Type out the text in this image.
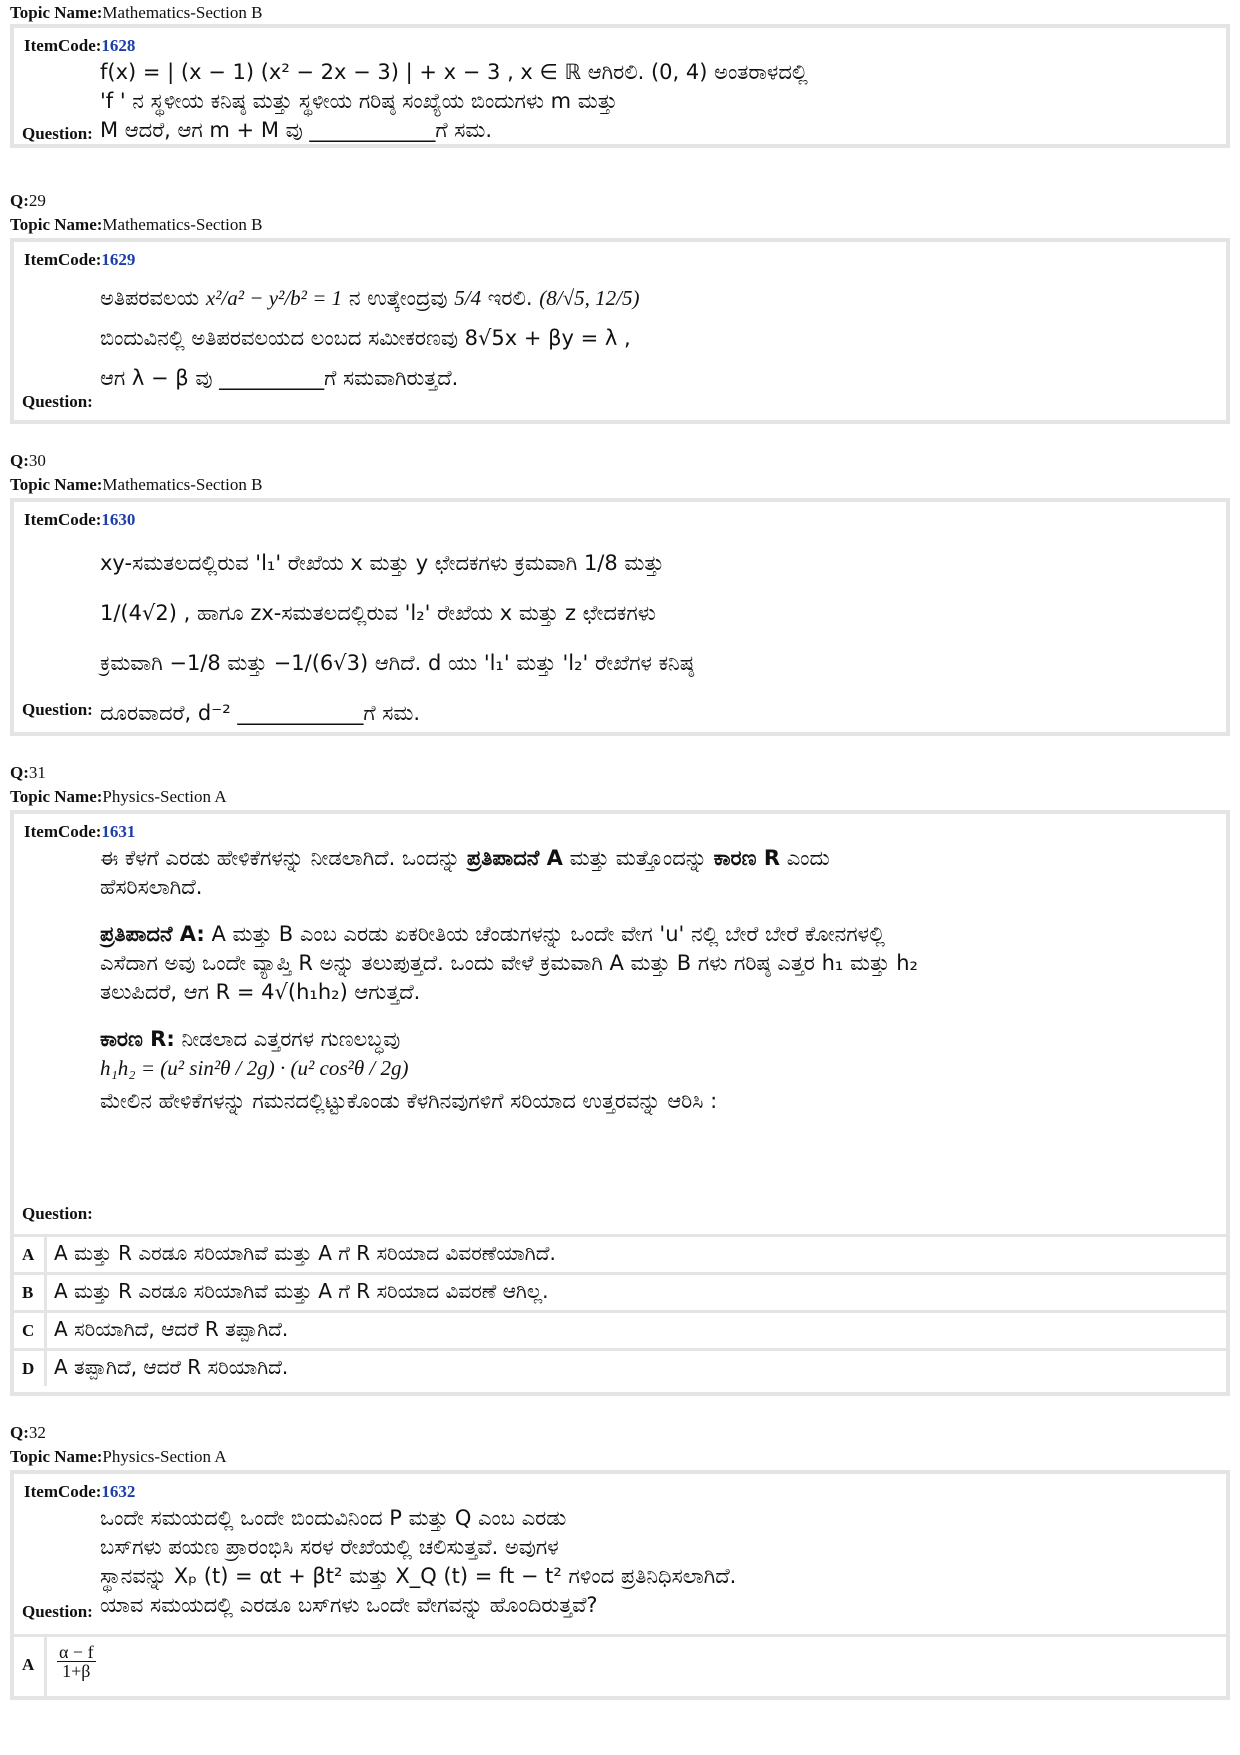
Topic Name:Mathematics-Section B
ItemCode:1628
f(x) = | (x − 1) (x² − 2x − 3) | + x − 3 , x ∈ ℝ ಆಗಿರಲಿ. (0, 4) ಅಂತರಾಳದಲ್ಲಿ
'f ' ನ ಸ್ಥಳೀಯ ಕನಿಷ್ಠ ಮತ್ತು ಸ್ಥಳೀಯ ಗರಿಷ್ಠ ಸಂಖ್ಯೆಯ ಬಿಂದುಗಳು m ಮತ್ತು
M ಆದರೆ, ಆಗ m + M ವು ____________ಗೆ ಸಮ.
Question:
Q:29
Topic Name:Mathematics-Section B
ItemCode:1629
ಅತಿಪರವಲಯ x²/a² − y²/b² = 1 ನ ಉತ್ಕೇಂದ್ರವು 5/4 ಇರಲಿ. (8/√5, 12/5)
ಬಿಂದುವಿನಲ್ಲಿ ಅತಿಪರವಲಯದ ಲಂಬದ ಸಮೀಕರಣವು 8√5x + βy = λ ,
ಆಗ λ − β ವು __________ಗೆ ಸಮವಾಗಿರುತ್ತದೆ.
Question:
Q:30
Topic Name:Mathematics-Section B
ItemCode:1630
xy-ಸಮತಲದಲ್ಲಿರುವ 'l₁' ರೇಖೆಯ x ಮತ್ತು y ಛೇದಕಗಳು ಕ್ರಮವಾಗಿ 1/8 ಮತ್ತು
1/(4√2) , ಹಾಗೂ zx-ಸಮತಲದಲ್ಲಿರುವ 'l₂' ರೇಖೆಯ x ಮತ್ತು z ಛೇದಕಗಳು
ಕ್ರಮವಾಗಿ −1/8 ಮತ್ತು −1/(6√3) ಆಗಿದೆ. d ಯು 'l₁' ಮತ್ತು 'l₂' ರೇಖೆಗಳ ಕನಿಷ್ಠ
ದೂರವಾದರೆ, d⁻² ____________ಗೆ ಸಮ.
Question:
Q:31
Topic Name:Physics-Section A
ItemCode:1631

ಈ ಕೆಳಗೆ ಎರಡು ಹೇಳಿಕೆಗಳನ್ನು ನೀಡಲಾಗಿದೆ. ಒಂದನ್ನು ಪ್ರತಿಪಾದನೆ A ಮತ್ತು ಮತ್ತೊಂದನ್ನು ಕಾರಣ R ಎಂದು ಹೆಸರಿಸಲಾಗಿದೆ.

ಪ್ರತಿಪಾದನೆ A: A ಮತ್ತು B ಎಂಬ ಎರಡು ಏಕರೀತಿಯ ಚೆಂಡುಗಳನ್ನು ಒಂದೇ ವೇಗ 'u' ನಲ್ಲಿ ಬೇರೆ ಬೇರೆ ಕೋನಗಳಲ್ಲಿ ಎಸೆದಾಗ ಅವು ಒಂದೇ ವ್ಯಾಪ್ತಿ R ಅನ್ನು ತಲುಪುತ್ತದೆ. ಒಂದು ವೇಳೆ ಕ್ರಮವಾಗಿ A ಮತ್ತು B ಗಳು ಗರಿಷ್ಠ ಎತ್ತರ h₁ ಮತ್ತು h₂ ತಲುಪಿದರೆ, ಆಗ R = 4√(h₁h₂) ಆಗುತ್ತದೆ.

ಕಾರಣ R: ನೀಡಲಾದ ಎತ್ತರಗಳ ಗುಣಲಬ್ಧವು
h₁h₂ = (u² sin²θ / 2g) · (u² cos²θ / 2g)

ಮೇಲಿನ ಹೇಳಿಕೆಗಳನ್ನು ಗಮನದಲ್ಲಿಟ್ಟುಕೊಂಡು ಕೆಳಗಿನವುಗಳಿಗೆ ಸರಿಯಾದ ಉತ್ತರವನ್ನು ಆರಿಸಿ :
Question:
A A ಮತ್ತು R ಎರಡೂ ಸರಿಯಾಗಿವೆ ಮತ್ತು A ಗೆ R ಸರಿಯಾದ ವಿವರಣೆಯಾಗಿದೆ.
B	A ಮತ್ತು R ಎರಡೂ ಸರಿಯಾಗಿವೆ ಮತ್ತು A ಗೆ R ಸರಿಯಾದ ವಿವರಣೆ ಆಗಿಲ್ಲ.
C A ಸರಿಯಾಗಿದೆ, ಆದರೆ R ತಪ್ಪಾಗಿದೆ.
D A ತಪ್ಪಾಗಿದೆ, ಆದರೆ R ಸರಿಯಾಗಿದೆ.
Q:32
Topic Name:Physics-Section A
ItemCode:1632
ಒಂದೇ ಸಮಯದಲ್ಲಿ ಒಂದೇ ಬಿಂದುವಿನಿಂದ P ಮತ್ತು Q ಎಂಬ ಎರಡು
ಬಸ್‌ಗಳು ಪಯಣ ಪ್ರಾರಂಭಿಸಿ ಸರಳ ರೇಖೆಯಲ್ಲಿ ಚಲಿಸುತ್ತವೆ. ಅವುಗಳ
ಸ್ಥಾನವನ್ನು Xₚ (t) = αt + βt² ಮತ್ತು X_Q (t) = ft − t² ಗಳಿಂದ ಪ್ರತಿನಿಧಿಸಲಾಗಿದೆ.
ಯಾವ ಸಮಯದಲ್ಲಿ ಎರಡೂ ಬಸ್‌ಗಳು ಒಂದೇ ವೇಗವನ್ನು ಹೊಂದಿರುತ್ತವೆ?
Question:
A	$\frac{\alpha - f}{1+\beta}$
